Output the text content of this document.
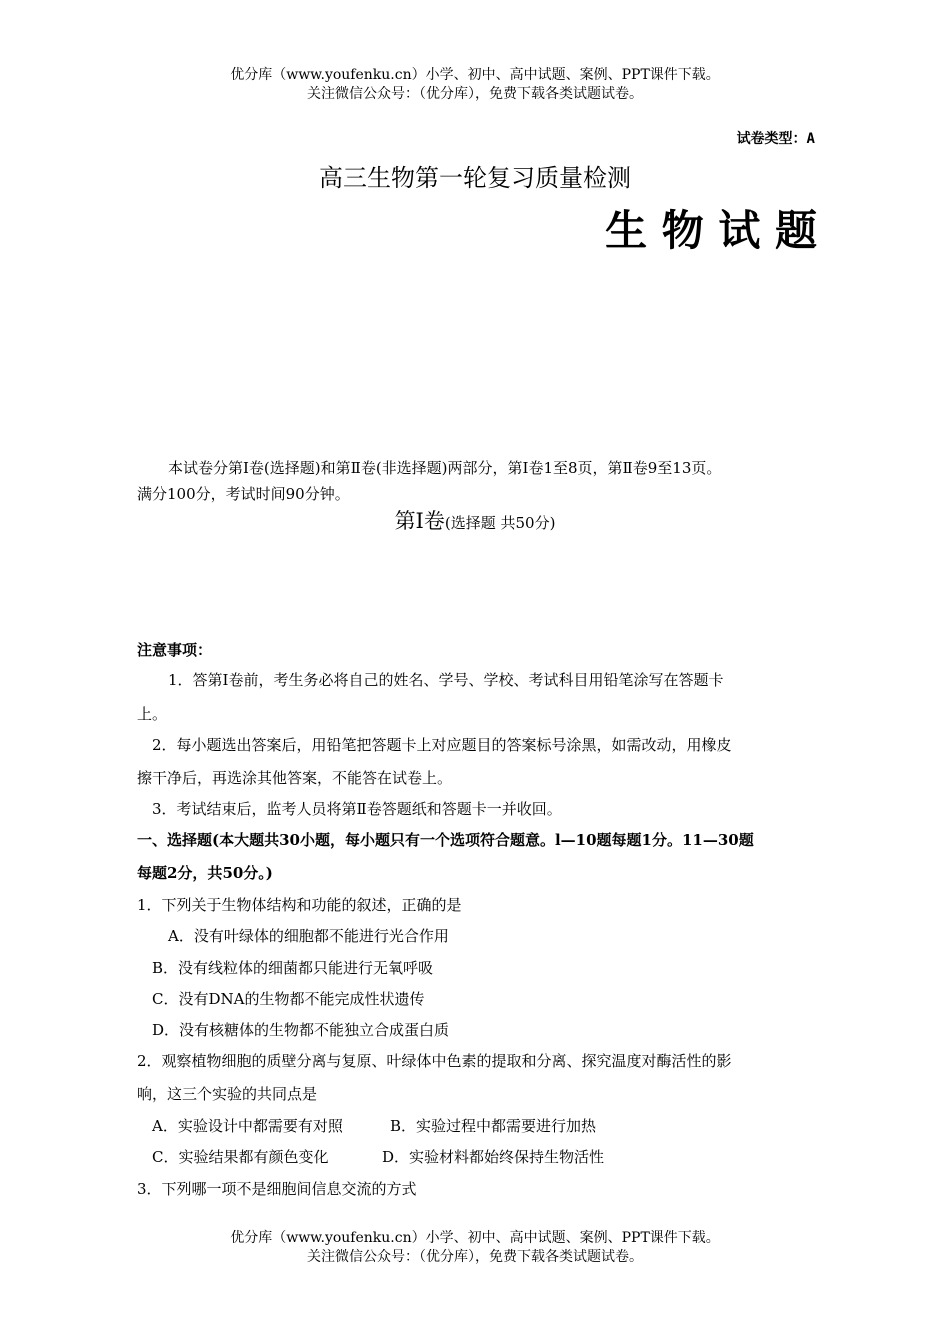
优分库（www.youfenku.cn）小学、初中、高中试题、案例、PPT课件下载。
关注微信公众号：（优分库），免费下载各类试题试卷。
试卷类型：A
高三生物第一轮复习质量检测
生 物 试 题
本试卷分第Ⅰ卷(选择题)和第Ⅱ卷(非选择题)两部分，第Ⅰ卷1至8页，第Ⅱ卷9至13页。
满分100分，考试时间90分钟。
第Ⅰ卷(选择题 共50分)
注意事项：
1．答第Ⅰ卷前，考生务必将自己的姓名、学号、学校、考试科目用铅笔涂写在答题卡
上。
2．每小题选出答案后，用铅笔把答题卡上对应题目的答案标号涂黑，如需改动，用橡皮
擦干净后，再选涂其他答案，不能答在试卷上。
3．考试结束后，监考人员将第Ⅱ卷答题纸和答题卡一并收回。
一、选择题(本大题共30小题，每小题只有一个选项符合题意。l—10题每题1分。11—30题
每题2分，共50分。)
1．下列关于生物体结构和功能的叙述，正确的是
A．没有叶绿体的细胞都不能进行光合作用
B．没有线粒体的细菌都只能进行无氧呼吸
C．没有DNA的生物都不能完成性状遗传
D．没有核糖体的生物都不能独立合成蛋白质
2．观察植物细胞的质壁分离与复原、叶绿体中色素的提取和分离、探究温度对酶活性的影
响，这三个实验的共同点是
A．实验设计中都需要有对照	B．实验过程中都需要进行加热
C．实验结果都有颜色变化	D．实验材料都始终保持生物活性
3．下列哪一项不是细胞间信息交流的方式
优分库（www.youfenku.cn）小学、初中、高中试题、案例、PPT课件下载。
关注微信公众号：（优分库），免费下载各类试题试卷。
